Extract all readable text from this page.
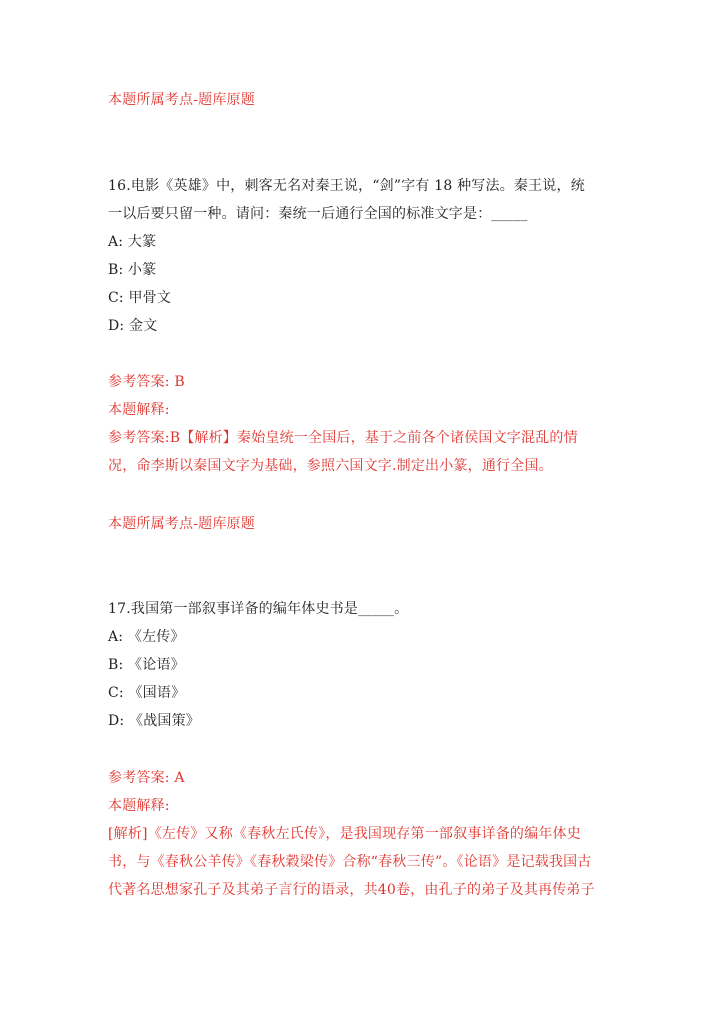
本题所属考点-题库原题
16.电影《英雄》中，刺客无名对秦王说，“剑”字有 18 种写法。秦王说，统
一以后要只留一种。请问：秦统一后通行全国的标准文字是：_____
A: 大篆
B: 小篆
C: 甲骨文
D: 金文
参考答案: B
本题解释:
参考答案:B【解析】秦始皇统一全国后，基于之前各个诸侯国文字混乱的情
况，命李斯以秦国文字为基础，参照六国文字.制定出小篆，通行全国。
本题所属考点-题库原题
17.我国第一部叙事详备的编年体史书是_____。
A: 《左传》
B: 《论语》
C: 《国语》
D: 《战国策》
参考答案: A
本题解释:
[解析]《左传》又称《春秋左氏传》，是我国现存第一部叙事详备的编年体史
书，与《春秋公羊传》《春秋穀梁传》合称“春秋三传”。《论语》是记载我国古
代著名思想家孔子及其弟子言行的语录，共40卷，由孔子的弟子及其再传弟子
